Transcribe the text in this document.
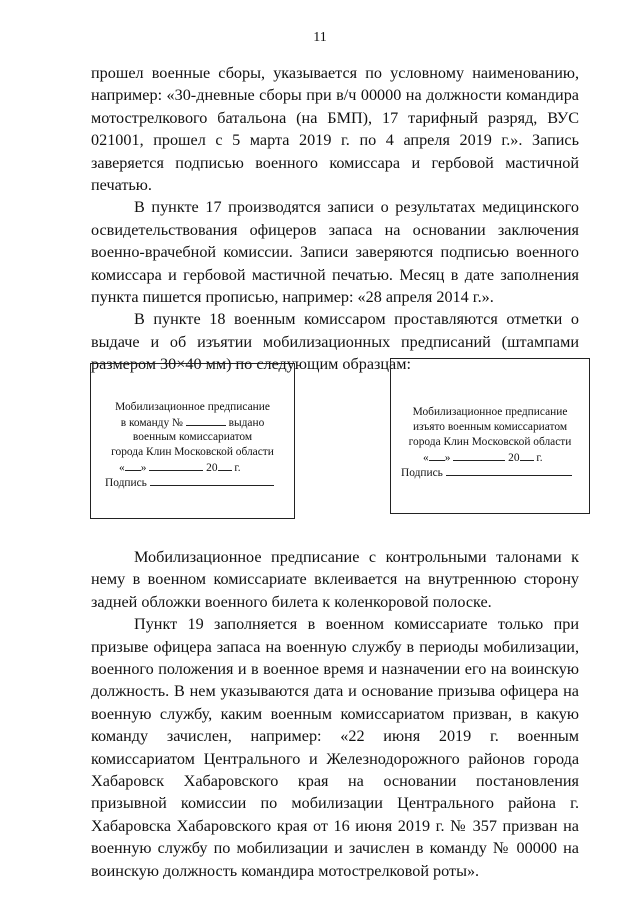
11

прошел военные сборы, указывается по условному наименованию, например: «30-дневные сборы при в/ч 00000 на должности командира мотострелкового батальона (на БМП), 17 тарифный разряд, ВУС 021001, прошел с 5 марта 2019 г. по 4 апреля 2019 г.». Запись заверяется подписью военного комиссара и гербовой мастичной печатью.

В пункте 17 производятся записи о результатах медицинского освидетельствования офицеров запаса на основании заключения военно-врачебной комиссии. Записи заверяются подписью военного комиссара и гербовой мастичной печатью. Месяц в дате заполнения пункта пишется прописью, например: «28 апреля 2014 г.».

В пункте 18 военным комиссаром проставляются отметки о выдаче и об изъятии мобилизационных предписаний (штампами размером 30×40 мм) по следующим образцам:

Мобилизационное предписание
в команду №	выдано
военным комиссариатом
города Клин Московской области
« »	20 г.
Подпись
Мобилизационное предписание
изъято военным комиссариатом
города Клин Московской области
« »	20 г.
Подпись

Мобилизационное предписание с контрольными талонами к нему в военном комиссариате вклеивается на внутреннюю сторону задней обложки военного билета к коленкоровой полоске.

Пункт 19 заполняется в военном комиссариате только при призыве офицера запаса на военную службу в периоды мобилизации, военного положения и в военное время и назначении его на воинскую должность. В нем указываются дата и основание призыва офицера на военную службу, каким военным комиссариатом призван, в какую команду зачислен, например: «22 июня 2019 г. военным комиссариатом Центрального и Железнодорожного районов города Хабаровск Хабаровского края на основании постановления призывной комиссии по мобилизации Центрального района г. Хабаровска Хабаровского края от 16 июня 2019 г. № 357 призван на военную службу по мобилизации и зачислен в команду № 00000 на воинскую должность командира мотострелковой роты».
